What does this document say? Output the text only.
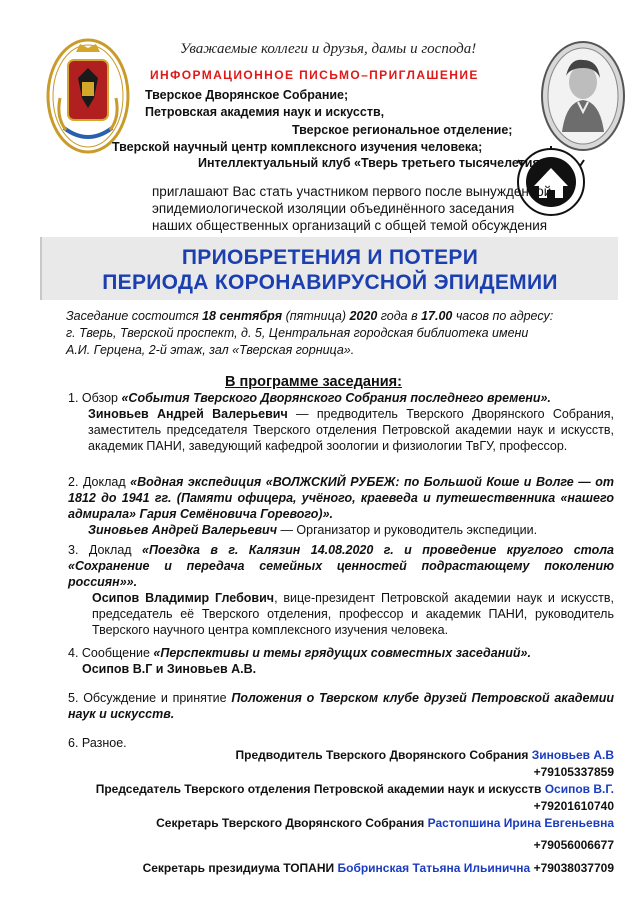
Уважаемые коллеги и друзья, дамы и господа!
ИНФОРМАЦИОННОЕ ПИСЬМО–ПРИГЛАШЕНИЕ
Тверское Дворянское Собрание;
Петровская академия наук и искусств,
Тверское региональное отделение;
Тверской научный центр комплексного изучения человека;
Интеллектуальный клуб «Тверь третьего тысячелетия»
приглашают Вас стать участником первого после вынужденной
эпидемиологической изоляции объединённого заседания
наших общественных организаций с общей темой обсуждения
ПРИОБРЕТЕНИЯ И ПОТЕРИ
ПЕРИОДА КОРОНАВИРУСНОЙ ЭПИДЕМИИ
Заседание состоится 18 сентября (пятница) 2020 года в 17.00 часов по адресу:
г. Тверь, Тверской проспект, д. 5, Центральная городская библиотека имени
А.И. Герцена, 2-й этаж, зал «Тверская горница».
В программе заседания:
1. Обзор «События Тверского Дворянского Собрания последнего времени».
Зиновьев Андрей Валерьевич — предводитель Тверского Дворянского Собрания, заместитель председателя Тверского отделения Петровской академии наук и искусств, академик ПАНИ, заведующий кафедрой зоологии и физиологии ТвГУ, профессор.
2. Доклад «Водная экспедиция «ВОЛЖСКИЙ РУБЕЖ: по Большой Коше и Волге — от 1812 до 1941 гг. (Памяти офицера, учёного, краеведа и путешественника «нашего адмирала» Гария Семёновича Горевого)».
Зиновьев Андрей Валерьевич — Организатор и руководитель экспедиции.
3. Доклад «Поездка в г. Калязин 14.08.2020 г. и проведение круглого стола «Сохранение и передача семейных ценностей подрастающему поколению россиян»».
Осипов Владимир Глебович, вице-президент Петровской академии наук и искусств, председатель её Тверского отделения, профессор и академик ПАНИ, руководитель Тверского научного центра комплексного изучения человека.
4. Сообщение «Перспективы и темы грядущих совместных заседаний».
Осипов В.Г и Зиновьев А.В.
5. Обсуждение и принятие Положения о Тверском клубе друзей Петровской академии наук и искусств.
6. Разное.
Предводитель Тверского Дворянского Собрания Зиновьев А.В
+79105337859
Председатель Тверского отделения Петровской академии наук и искусств Осипов В.Г.
+79201610740
Секретарь Тверского Дворянского Собрания Растопшина Ирина Евгеньевна
+79056006677
Секретарь президиума ТОПАНИ Бобринская Татьяна Ильинична +79038037709
